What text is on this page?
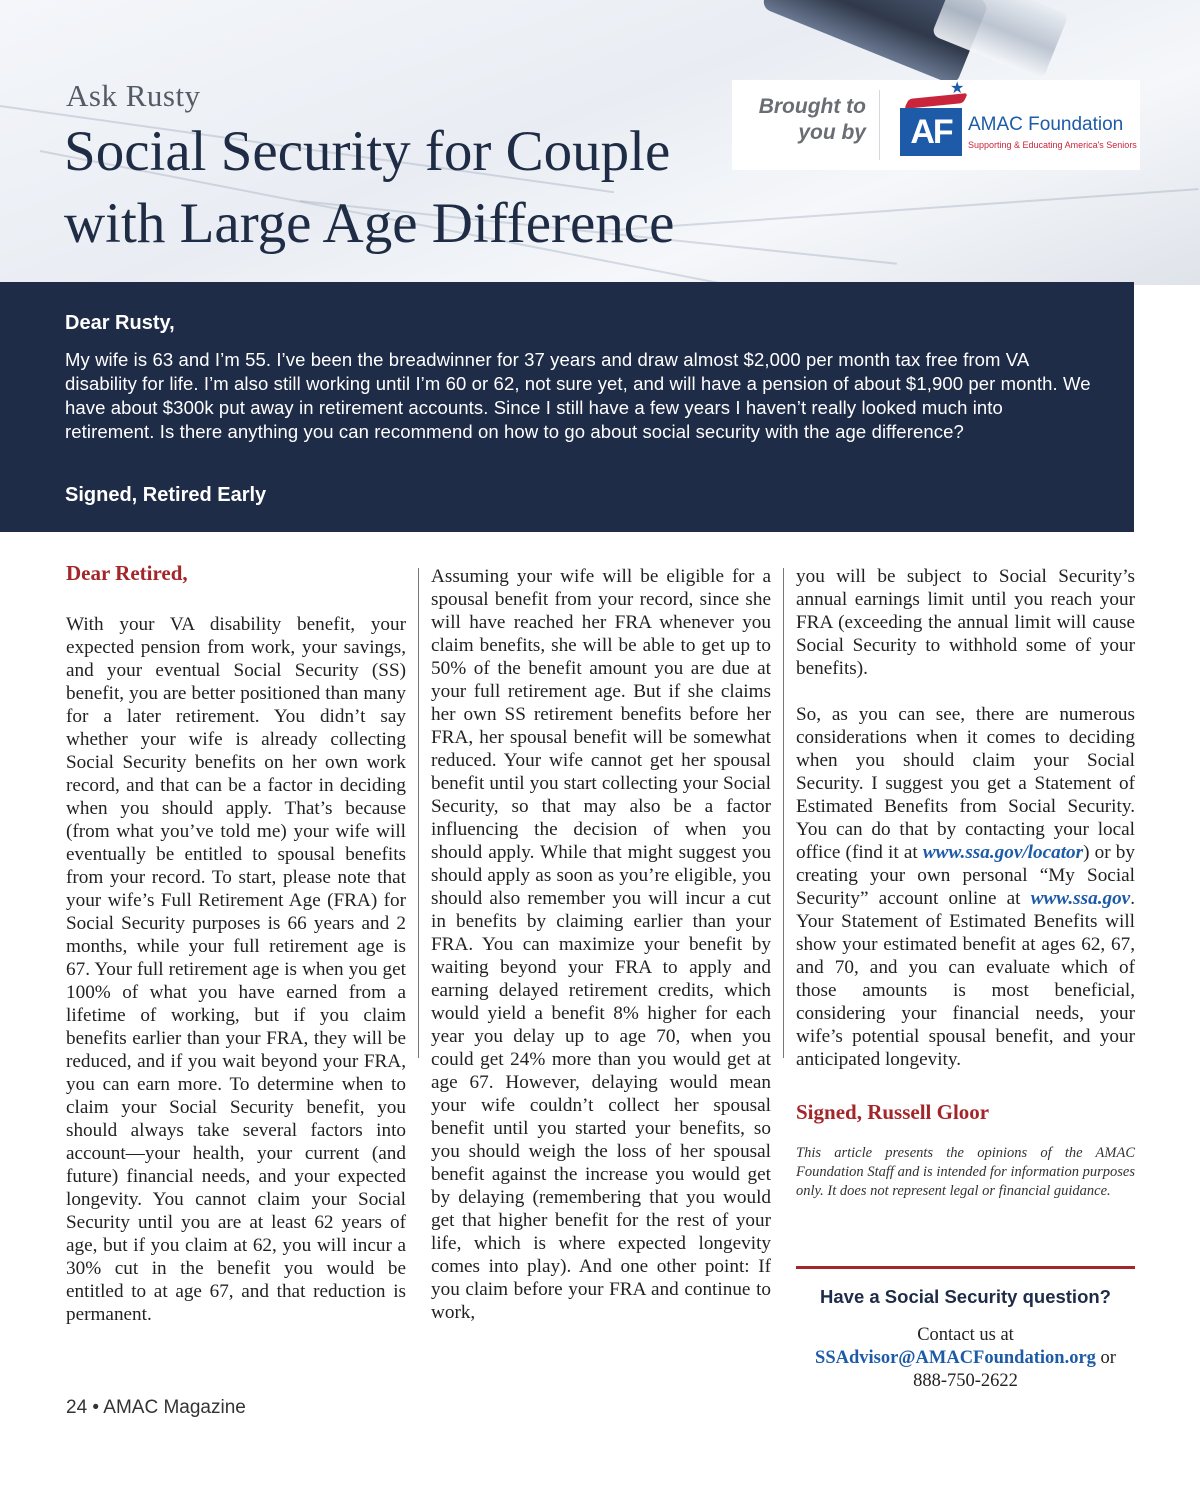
Ask Rusty
Social Security for Couple with Large Age Difference
Brought to you by
★
AF AMAC Foundation
Supporting & Educating America's Seniors
Dear Rusty,

My wife is 63 and I’m 55. I’ve been the breadwinner for 37 years and draw almost $2,000 per month tax free from VA disability for life. I’m also still working until I’m 60 or 62, not sure yet, and will have a pension of about $1,900 per month. We have about $300k put away in retirement accounts. Since I still have a few years I haven’t really looked much into retirement. Is there anything you can recommend on how to go about social security with the age difference?

Signed, Retired Early

Dear Retired,

With your VA disability benefit, your expected pension from work, your savings, and your eventual Social Security (SS) benefit, you are better positioned than many for a later retirement. You didn’t say whether your wife is already collecting Social Security benefits on her own work record, and that can be a factor in deciding when you should apply. That’s because (from what you’ve told me) your wife will eventually be entitled to spousal benefits from your record. To start, please note that your wife’s Full Retirement Age (FRA) for Social Security purposes is 66 years and 2 months, while your full retirement age is 67. Your full retirement age is when you get 100% of what you have earned from a lifetime of working, but if you claim benefits earlier than your FRA, they will be reduced, and if you wait beyond your FRA, you can earn more. To determine when to claim your Social Security benefit, you should always take several factors into account—your health, your current (and future) financial needs, and your expected longevity. You cannot claim your Social Security until you are at least 62 years of age, but if you claim at 62, you will incur a 30% cut in the benefit you would be entitled to at age 67, and that reduction is permanent.

Assuming your wife will be eligible for a spousal benefit from your record, since she will have reached her FRA whenever you claim benefits, she will be able to get up to 50% of the benefit amount you are due at your full retirement age. But if she claims her own SS retirement benefits before her FRA, her spousal benefit will be somewhat reduced. Your wife cannot get her spousal benefit until you start collecting your Social Security, so that may also be a factor influencing the decision of when you should apply. While that might suggest you should apply as soon as you’re eligible, you should also remember you will incur a cut in benefits by claiming earlier than your FRA. You can maximize your benefit by waiting beyond your FRA to apply and earning delayed retirement credits, which would yield a benefit 8% higher for each year you delay up to age 70, when you could get 24% more than you would get at age 67. However, delaying would mean your wife couldn’t collect her spousal benefit until you started your benefits, so you should weigh the loss of her spousal benefit against the increase you would get by delaying (remembering that you would get that higher benefit for the rest of your life, which is where expected longevity comes into play). And one other point: If you claim before your FRA and continue to work,

you will be subject to Social Security’s annual earnings limit until you reach your FRA (exceeding the annual limit will cause Social Security to withhold some of your benefits).

So, as you can see, there are numerous considerations when it comes to deciding when you should claim your Social Security. I suggest you get a Statement of Estimated Benefits from Social Security. You can do that by contacting your local office (find it at www.ssa.gov/locator) or by creating your own personal “My Social Security” account online at www.ssa.gov. Your Statement of Estimated Benefits will show your estimated benefit at ages 62, 67, and 70, and you can evaluate which of those amounts is most beneficial, considering your financial needs, your wife’s potential spousal benefit, and your anticipated longevity.

Signed, Russell Gloor

This article presents the opinions of the AMAC Foundation Staff and is intended for information purposes only. It does not represent legal or financial guidance.

Have a Social Security question?
Contact us at
SSAdvisor@AMACFoundation.org or
888-750-2622
24 • AMAC Magazine
